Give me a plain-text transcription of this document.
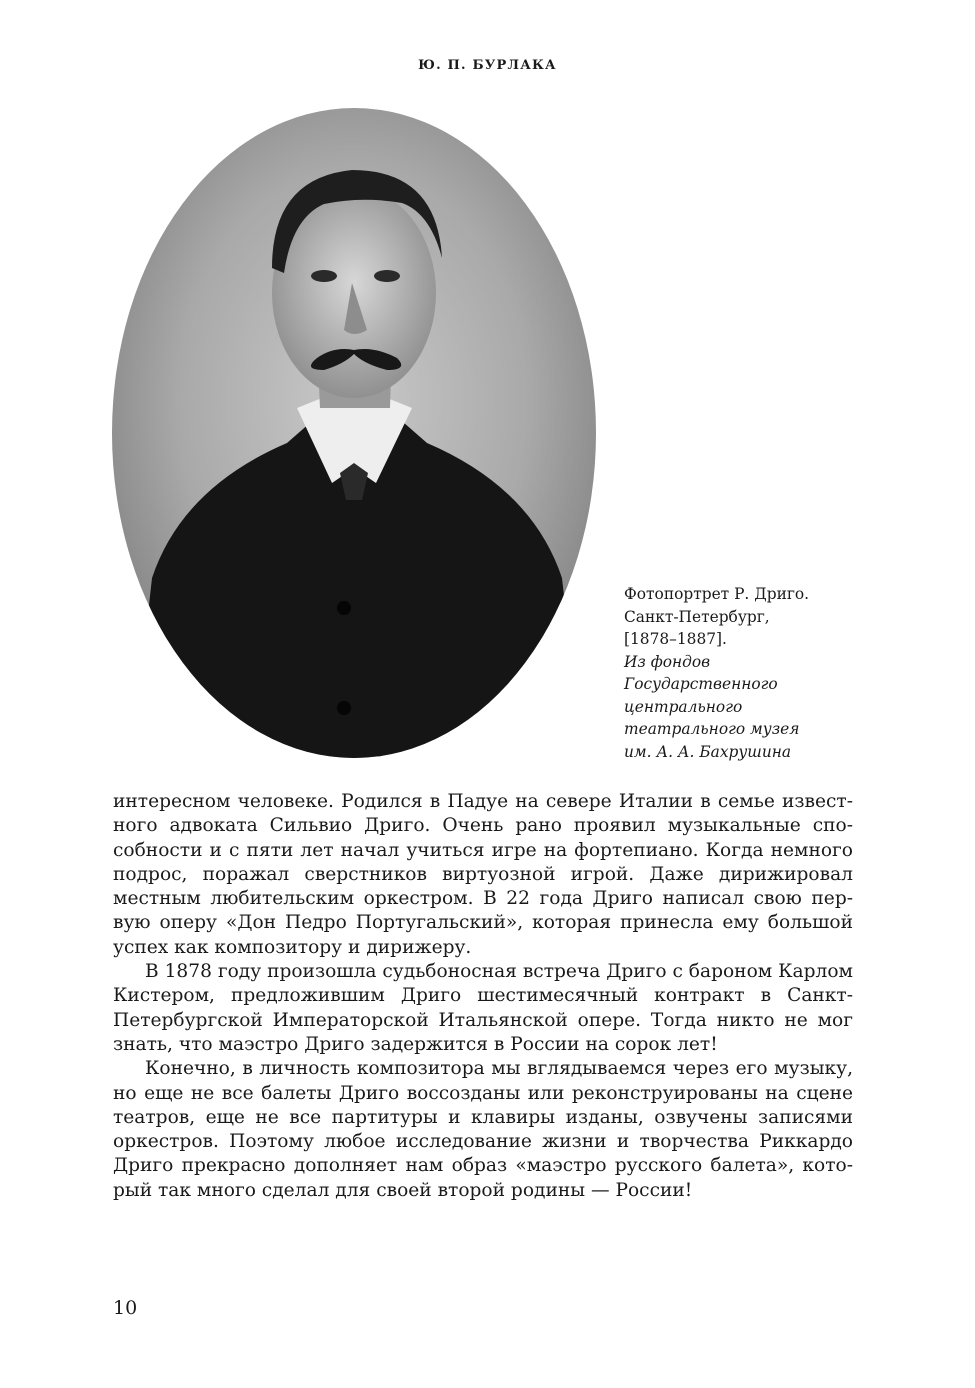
Ю. П. БУРЛАКА
Фотопортрет Р. Дриго.
Санкт-Петербург,
[1878–1887].
Из фондов
Государственного
центрального
театрального музея
им. А. А. Бахрушина
интересном человеке. Родился в Падуе на севере Италии в семье извест-
ного адвоката Сильвио Дриго. Очень рано проявил музыкальные спо-
собности и с пяти лет начал учиться игре на фортепиано. Когда немного
подрос, поражал сверстников виртуозной игрой. Даже дирижировал
местным любительским оркестром. В 22 года Дриго написал свою пер-
вую оперу «Дон Педро Португальский», которая принесла ему большой
успех как композитору и дирижеру.
В 1878 году произошла судьбоносная встреча Дриго с бароном Карлом
Кистером, предложившим Дриго шестимесячный контракт в Санкт-
Петербургской Императорской Итальянской опере. Тогда никто не мог
знать, что маэстро Дриго задержится в России на сорок лет!
Конечно, в личность композитора мы вглядываемся через его музыку,
но еще не все балеты Дриго воссозданы или реконструированы на сцене
театров, еще не все партитуры и клавиры изданы, озвучены записями
оркестров. Поэтому любое исследование жизни и творчества Риккардо
Дриго прекрасно дополняет нам образ «маэстро русского балета», кото-
рый так много сделал для своей второй родины — России!
10
